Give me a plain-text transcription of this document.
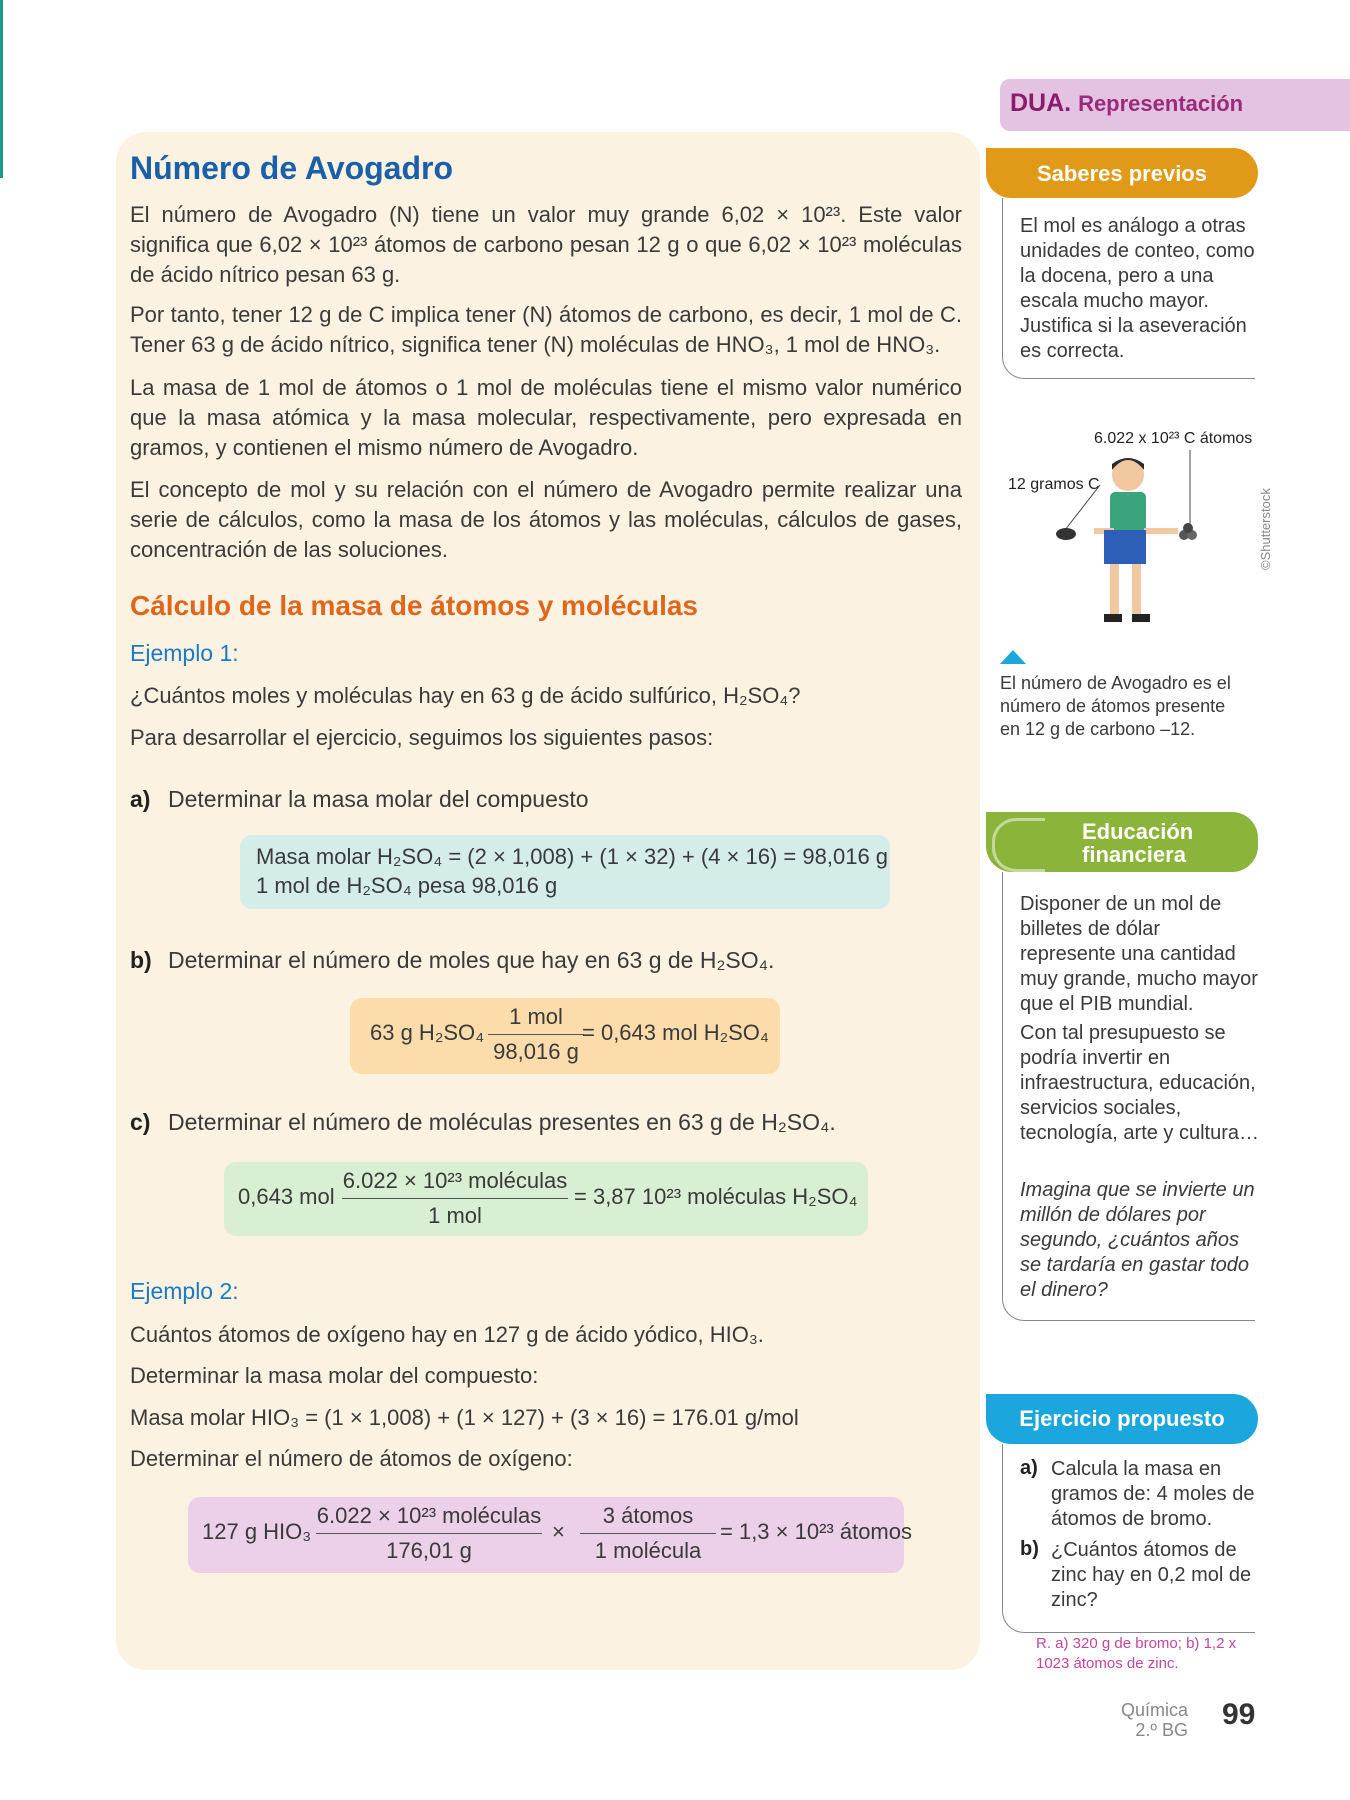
Número de Avogadro

El número de Avogadro (N) tiene un valor muy grande 6,02 × 10²³. Este valor significa que 6,02 × 10²³ átomos de carbono pesan 12 g o que 6,02 × 10²³ moléculas de ácido nítrico pesan 63 g.

Por tanto, tener 12 g de C implica tener (N) átomos de carbono, es decir, 1 mol de C. Tener 63 g de ácido nítrico, significa tener (N) moléculas de HNO₃, 1 mol de HNO₃.

La masa de 1 mol de átomos o 1 mol de moléculas tiene el mismo valor numérico que la masa atómica y la masa molecular, respectivamente, pero expresada en gramos, y contienen el mismo número de Avogadro.

El concepto de mol y su relación con el número de Avogadro permite realizar una serie de cálculos, como la masa de los átomos y las moléculas, cálculos de gases, concentración de las soluciones.

Cálculo de la masa de átomos y moléculas
Ejemplo 1:
¿Cuántos moles y moléculas hay en 63 g de ácido sulfúrico, H₂SO₄?
Para desarrollar el ejercicio, seguimos los siguientes pasos:
a) Determinar la masa molar del compuesto
Masa molar H₂SO₄ = (2 × 1,008) + (1 × 32) + (4 × 16) = 98,016 g
1 mol de H₂SO₄ pesa 98,016 g
b) Determinar el número de moles que hay en 63 g de H₂SO₄.
63 g H₂SO₄
1 mol
98,016 g
= 0,643 mol H₂SO₄
c) Determinar el número de moléculas presentes en 63 g de H₂SO₄.
0,643 mol
6.022 × 10²³ moléculas
1 mol
= 3,87 10²³ moléculas H₂SO₄
Ejemplo 2:
Cuántos átomos de oxígeno hay en 127 g de ácido yódico, HIO₃.
Determinar la masa molar del compuesto:
Masa molar HIO₃ = (1 × 1,008) + (1 × 127) + (3 × 16) = 176.01 g/mol
Determinar el número de átomos de oxígeno:
127 g HIO₃
6.022 × 10²³ moléculas
176,01 g
×
3 átomos
1 molécula
= 1,3 × 10²³ átomos
DUA. Representación
Saberes previos

El mol es análogo a otras unidades de conteo, como la docena, pero a una escala mucho mayor. Justifica si la aseveración es correcta.

6.022 x 10²³ C átomos
12 gramos C
©Shutterstock
El número de Avogadro es el número de átomos presente en 12 g de carbono –12.
Educación financiera

Disponer de un mol de billetes de dólar represente una cantidad muy grande, mucho mayor que el PIB mundial.

Con tal presupuesto se podría invertir en infraestructura, educación, servicios sociales, tecnología, arte y cultura…

Imagina que se invierte un millón de dólares por segundo, ¿cuántos años se tardaría en gastar todo el dinero?

Ejercicio propuesto
a) Calcula la masa en gramos de: 4 moles de átomos de bromo.

b) ¿Cuántos átomos de zinc hay en 0,2 mol de zinc?

R. a) 320 g de bromo; b) 1,2 x 1023 átomos de zinc.
Química
2.º BG 99
